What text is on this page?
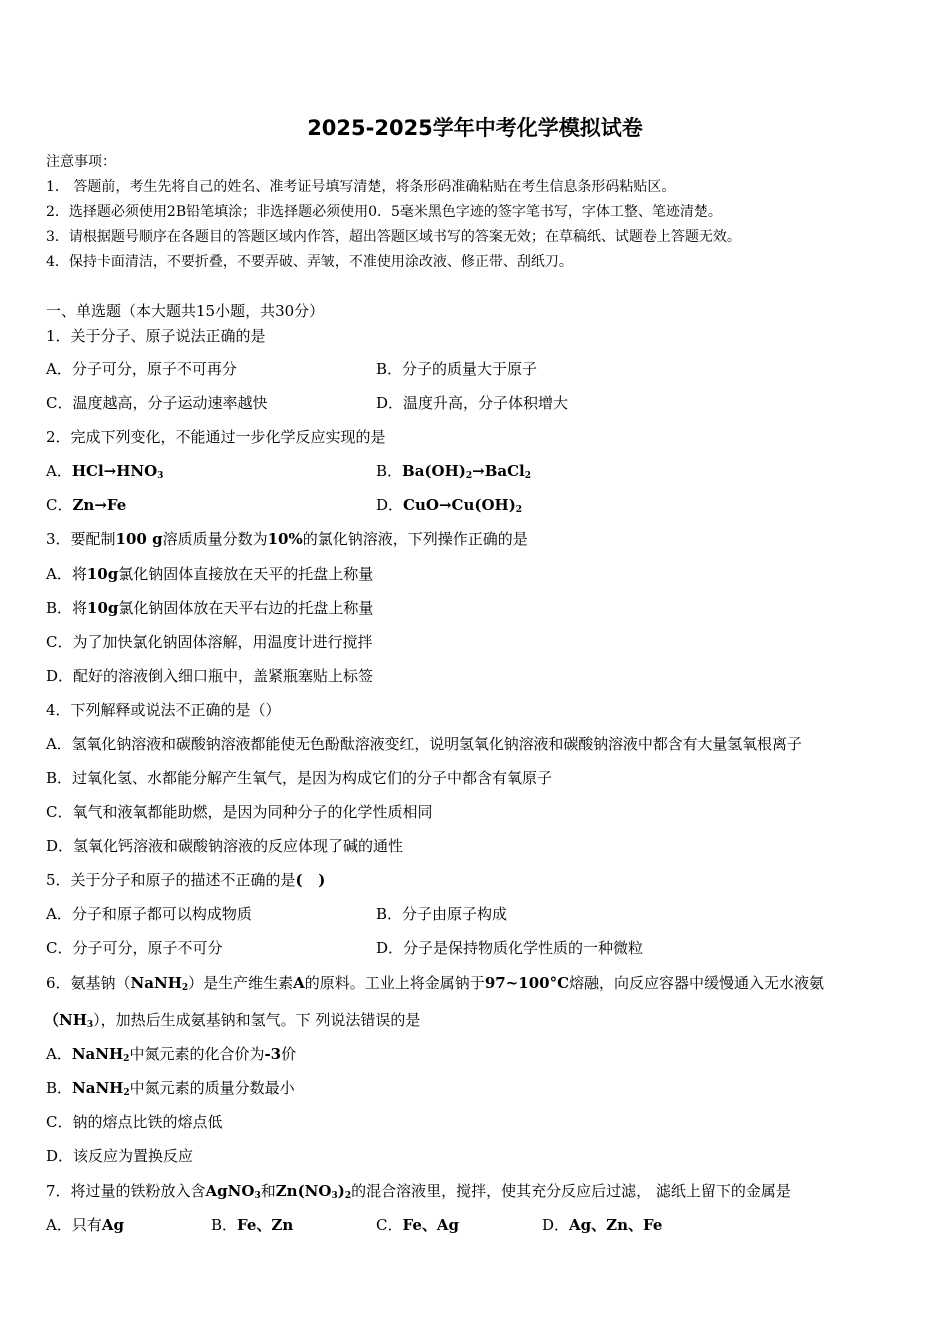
2025-2025学年中考化学模拟试卷
注意事项：
1． 答题前，考生先将自己的姓名、准考证号填写清楚，将条形码准确粘贴在考生信息条形码粘贴区。
2．选择题必须使用2B铅笔填涂；非选择题必须使用0．5毫米黑色字迹的签字笔书写，字体工整、笔迹清楚。
3．请根据题号顺序在各题目的答题区域内作答，超出答题区域书写的答案无效；在草稿纸、试题卷上答题无效。
4．保持卡面清洁，不要折叠，不要弄破、弄皱，不准使用涂改液、修正带、刮纸刀。
一、单选题（本大题共15小题，共30分）
1．关于分子、原子说法正确的是
A．分子可分，原子不可再分	B．分子的质量大于原子
C．温度越高，分子运动速率越快	D．温度升高，分子体积增大
2．完成下列变化，不能通过一步化学反应实现的是
A．$HCl\to HNO_3$	B．$Ba(OH)_2\to BaCl_2$
C．Zn→Fe	D．$CuO\to Cu(OH)_2$
3．要配制100 g溶质质量分数为10%的氯化钠溶液，下列操作正确的是
A．将10g氯化钠固体直接放在天平的托盘上称量
B．将10g氯化钠固体放在天平右边的托盘上称量
C．为了加快氯化钠固体溶解，用温度计进行搅拌
D．配好的溶液倒入细口瓶中，盖紧瓶塞贴上标签
4．下列解释或说法不正确的是（）
A．氢氧化钠溶液和碳酸钠溶液都能使无色酚酞溶液变红，说明氢氧化钠溶液和碳酸钠溶液中都含有大量氢氧根离子
B．过氧化氢、水都能分解产生氧气，是因为构成它们的分子中都含有氧原子
C．氧气和液氧都能助燃，是因为同种分子的化学性质相同
D．氢氧化钙溶液和碳酸钠溶液的反应体现了碱的通性
5．关于分子和原子的描述不正确的是(   )
A．分子和原子都可以构成物质	B．分子由原子构成
C．分子可分，原子不可分	D．分子是保持物质化学性质的一种微粒
6．氨基钠（NaNH$_2$）是生产维生素A的原料。工业上将金属钠于97~100°C熔融，向反应容器中缓慢通入无水液氨
$(NH_3)$，加热后生成氨基钠和氢气。下 列说法错误的是
A．NaNH$_2$中氮元素的化合价为-3价
B．NaNH$_2$中氮元素的质量分数最小
C．钠的熔点比铁的熔点低
D．该反应为置换反应
7．将过量的铁粉放入含AgNO$_3$和$Zn(NO_3)_2$的混合溶液里，搅拌，使其充分反应后过滤， 滤纸上留下的金属是
A．只有Ag	B．Fe、Zn	C．Fe、Ag	D．Ag、Zn、Fe
